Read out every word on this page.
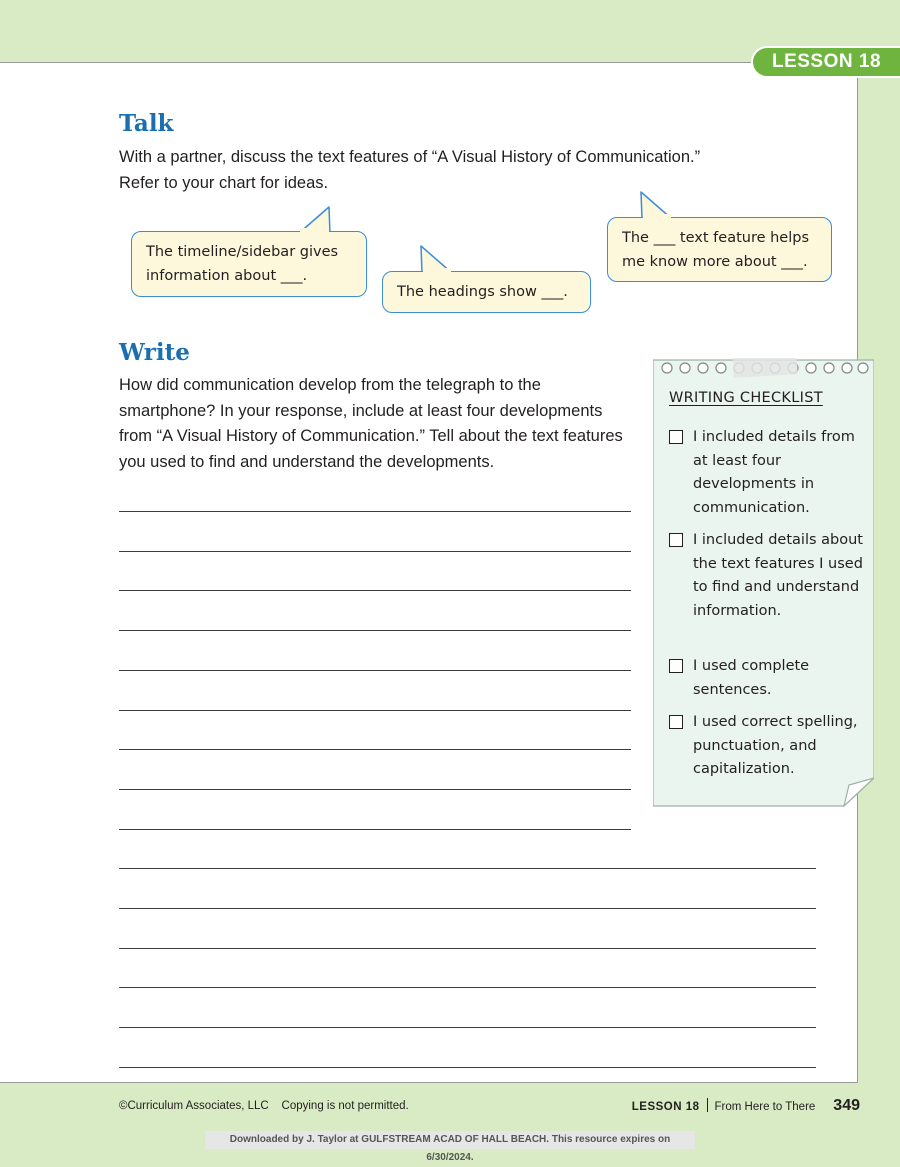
LESSON 18
Talk

With a partner, discuss the text features of “A Visual History of Communication.” Refer to your chart for ideas.

The timeline/sidebar gives information about ___.
The headings show ___.
The ___ text feature helps me know more about ___.
Write

How did communication develop from the telegraph to the smartphone? In your response, include at least four developments from “A Visual History of Communication.” Tell about the text features you used to find and understand the developments.

WRITING CHECKLIST
I included details from at least four developments in communication.
I included details about the text features I used to find and understand information.
I used complete sentences.
I used correct spelling, punctuation, and capitalization.
©Curriculum Associates, LLC Copying is not permitted.	LESSON 18 From Here to There 349
Downloaded by J. Taylor at GULFSTREAM ACAD OF HALL BEACH. This resource expires on 6/30/2024.
